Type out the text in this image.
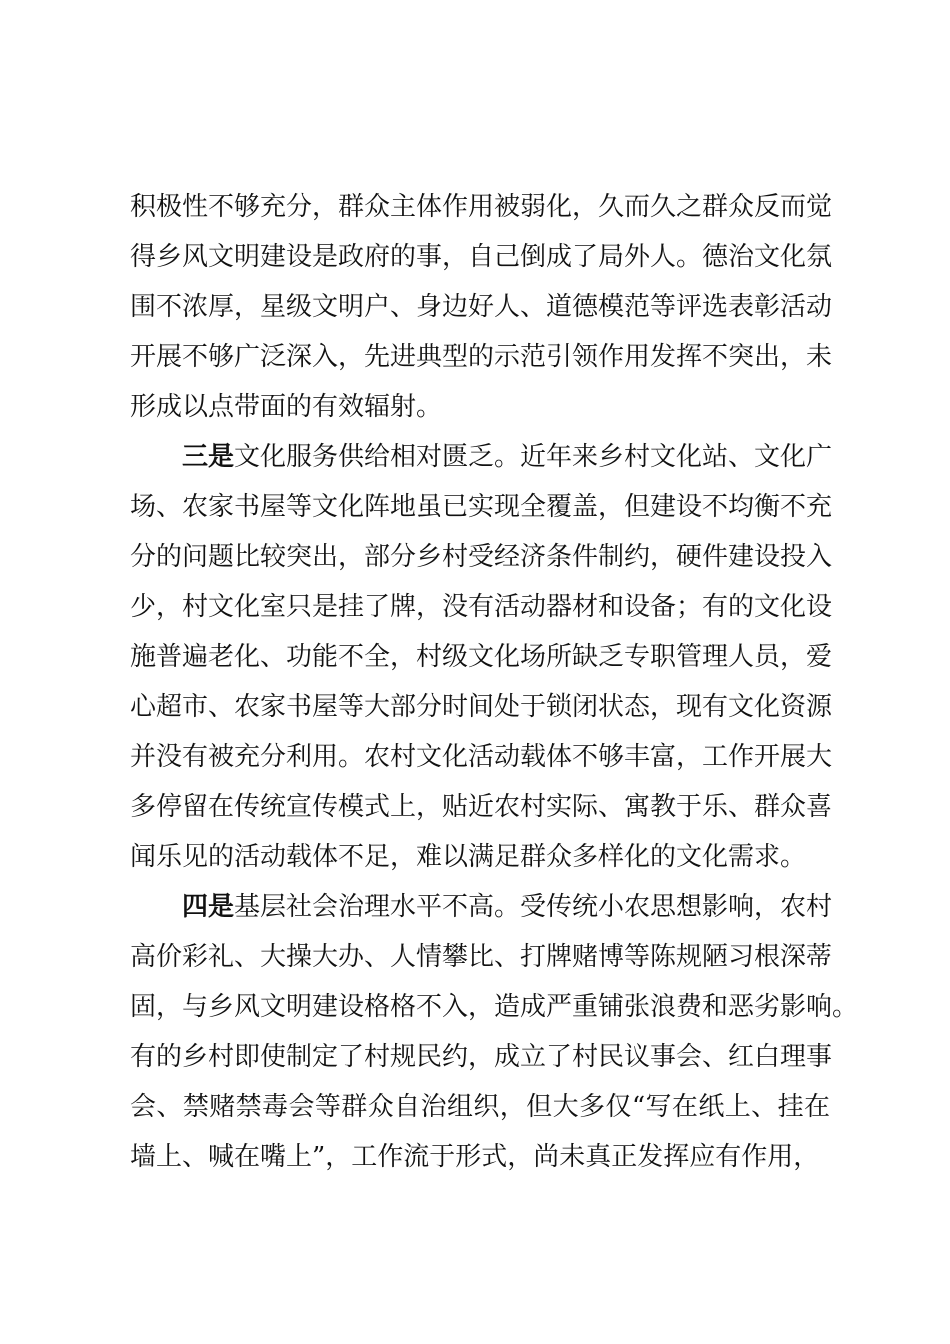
积极性不够充分，群众主体作用被弱化，久而久之群众反而觉
得乡风文明建设是政府的事，自己倒成了局外人。德治文化氛
围不浓厚，星级文明户、身边好人、道德模范等评选表彰活动
开展不够广泛深入，先进典型的示范引领作用发挥不突出，未
形成以点带面的有效辐射。
三是文化服务供给相对匮乏。近年来乡村文化站、文化广
场、农家书屋等文化阵地虽已实现全覆盖，但建设不均衡不充
分的问题比较突出，部分乡村受经济条件制约，硬件建设投入
少，村文化室只是挂了牌，没有活动器材和设备；有的文化设
施普遍老化、功能不全，村级文化场所缺乏专职管理人员，爱
心超市、农家书屋等大部分时间处于锁闭状态，现有文化资源
并没有被充分利用。农村文化活动载体不够丰富，工作开展大
多停留在传统宣传模式上，贴近农村实际、寓教于乐、群众喜
闻乐见的活动载体不足，难以满足群众多样化的文化需求。
四是基层社会治理水平不高。受传统小农思想影响，农村
高价彩礼、大操大办、人情攀比、打牌赌博等陈规陋习根深蒂
固，与乡风文明建设格格不入，造成严重铺张浪费和恶劣影响。
有的乡村即使制定了村规民约，成立了村民议事会、红白理事
会、禁赌禁毒会等群众自治组织，但大多仅“写在纸上、挂在
墙上、喊在嘴上”，工作流于形式，尚未真正发挥应有作用，
